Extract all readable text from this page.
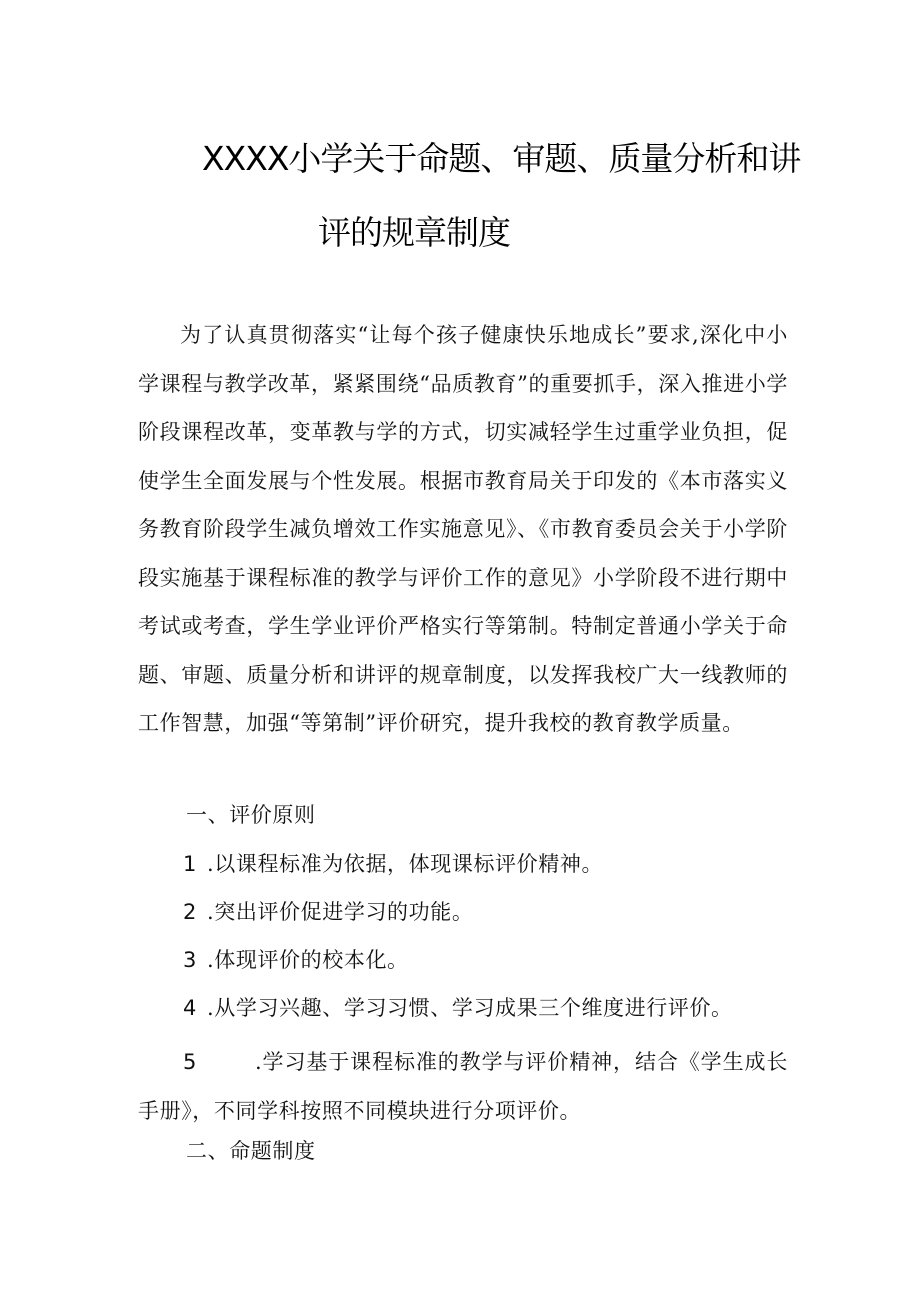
XXXX小学关于命题、审题、质量分析和讲
评的规章制度
为了认真贯彻落实“让每个孩子健康快乐地成长”要求,深化中小学课程与教学改革，紧紧围绕“品质教育”的重要抓手，深入推进小学阶段课程改革，变革教与学的方式，切实减轻学生过重学业负担，促使学生全面发展与个性发展。根据市教育局关于印发的《本市落实义务教育阶段学生减负增效工作实施意见》、《市教育委员会关于小学阶段实施基于课程标准的教学与评价工作的意见》小学阶段不进行期中考试或考查，学生学业评价严格实行等第制。特制定普通小学关于命题、审题、质量分析和讲评的规章制度，以发挥我校广大一线教师的工作智慧，加强“等第制”评价研究，提升我校的教育教学质量。
一、评价原则
1 .以课程标准为依据，体现课标评价精神。
2 .突出评价促进学习的功能。
3 .体现评价的校本化。
4 .从学习兴趣、学习习惯、学习成果三个维度进行评价。
5	.学习基于课程标准的教学与评价精神，结合《学生成长手册》，不同学科按照不同模块进行分项评价。
二、命题制度
